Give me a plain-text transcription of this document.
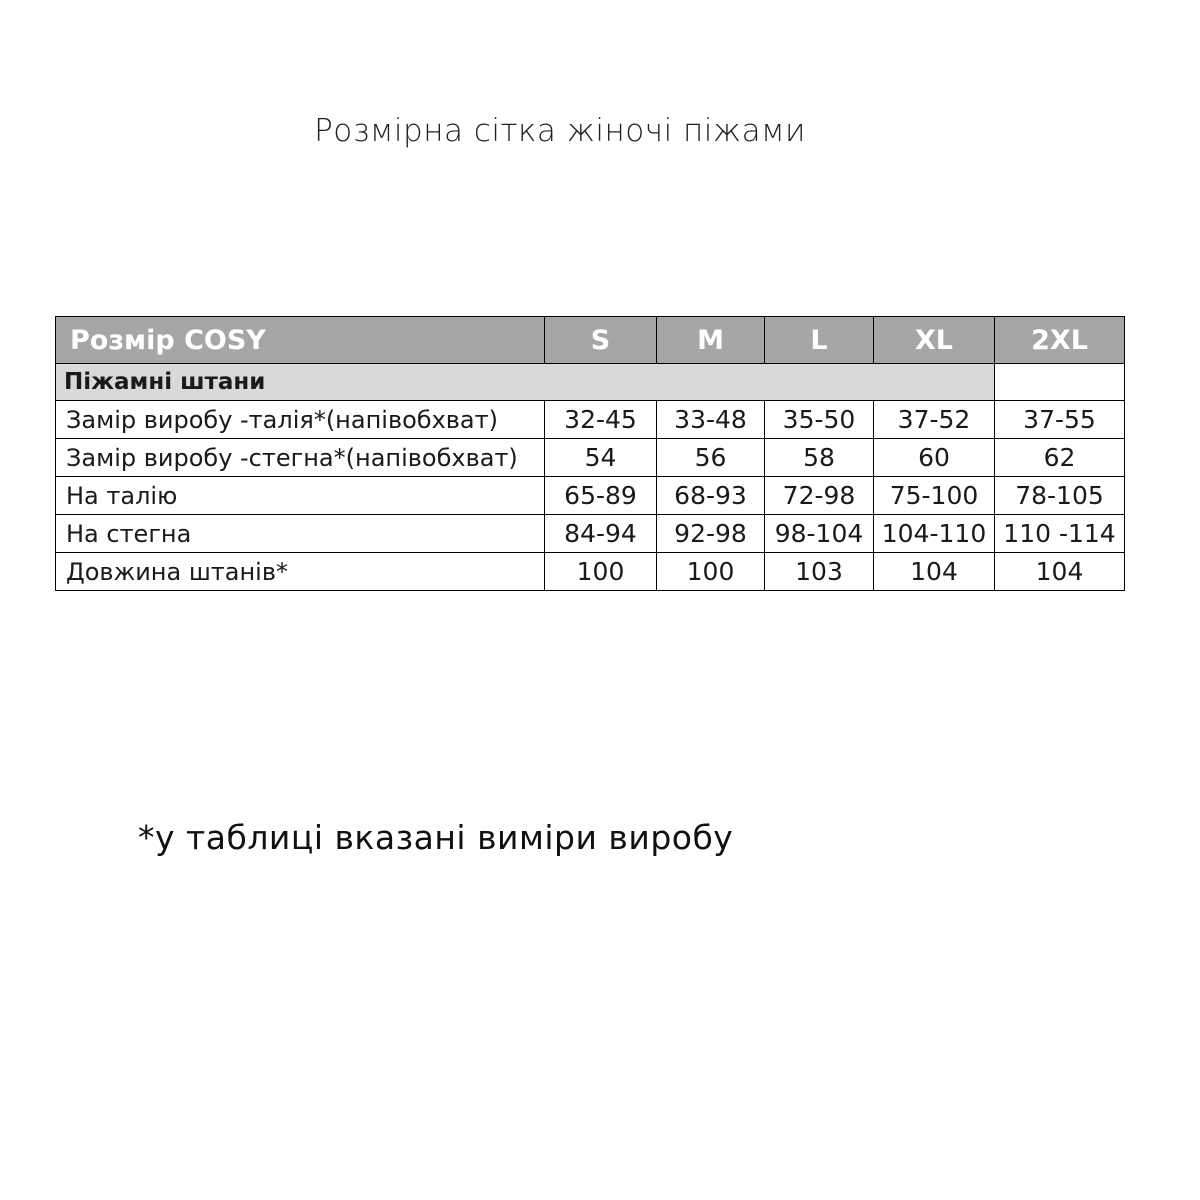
Розмірна сітка жіночі піжами
Розмір COSY	S	M	L	XL	2XL
Піжамні штани					
Замір виробу -талія*(напівобхват)	32-45	33-48	35-50	37-52	37-55
Замір виробу -стегна*(напівобхват)	54	56	58	60	62
На талію	65-89	68-93	72-98	75-100	78-105
На стегна	84-94	92-98	98-104	104-110	110 -114
Довжина штанів*	100	100	103	104	104
*у таблиці вказані виміри виробу
